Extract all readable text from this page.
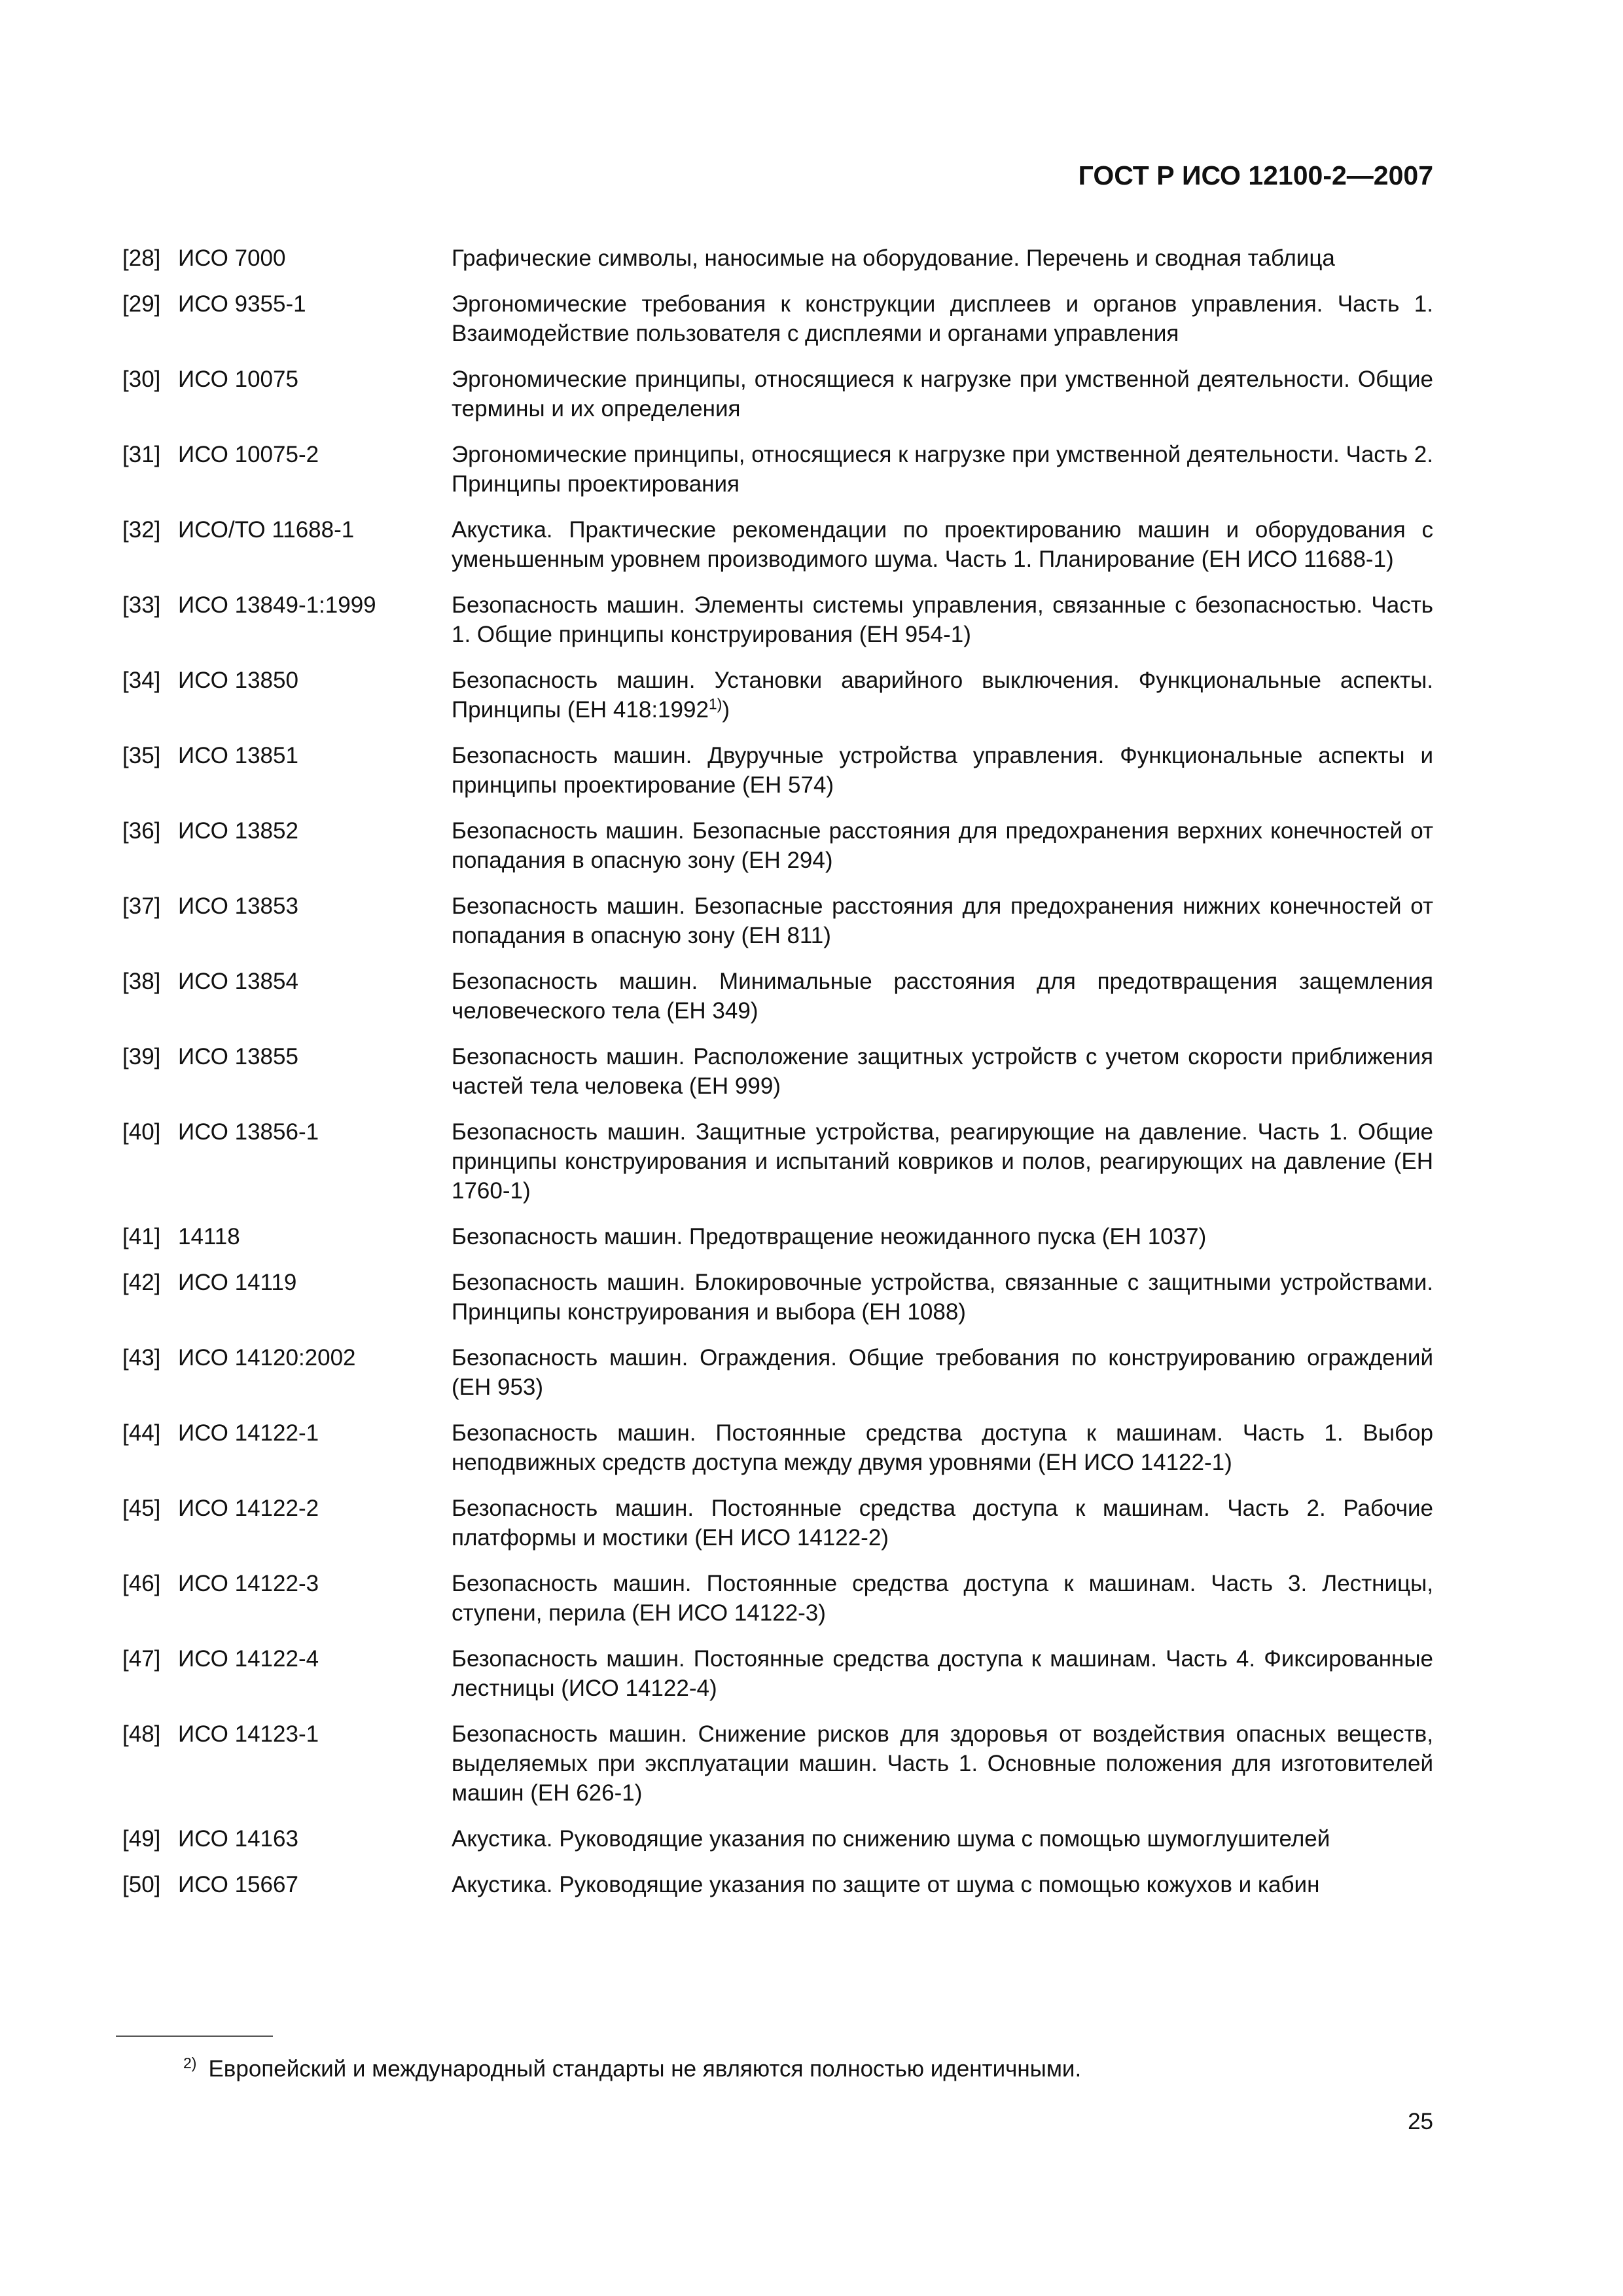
ГОСТ Р ИСО 12100-2—2007
[28] ИСО 7000	Графические символы, наносимые на оборудование. Перечень и сводная таблица
[29] ИСО 9355-1	Эргономические требования к конструкции дисплеев и органов управления. Часть 1. Взаимодействие пользователя с дисплеями и органами управления
[30] ИСО 10075	Эргономические принципы, относящиеся к нагрузке при умственной деятельности. Общие термины и их определения
[31] ИСО 10075-2	Эргономические принципы, относящиеся к нагрузке при умственной деятельности. Часть 2. Принципы проектирования
[32] ИСО/ТО 11688-1	Акустика. Практические рекомендации по проектированию машин и оборудования с уменьшенным уровнем производимого шума. Часть 1. Планирование (ЕН ИСО 11688-1)
[33] ИСО 13849-1:1999	Безопасность машин. Элементы системы управления, связанные с безопасностью. Часть 1. Общие принципы конструирования (ЕН 954-1)
[34] ИСО 13850	Безопасность машин. Установки аварийного выключения. Функциональные аспекты. Принципы (ЕН 418:1992$^{1)}$)
[35] ИСО 13851	Безопасность машин. Двуручные устройства управления. Функциональные аспекты и принципы проектирование (ЕН 574)
[36] ИСО 13852	Безопасность машин. Безопасные расстояния для предохранения верхних конечностей от попадания в опасную зону (ЕН 294)
[37] ИСО 13853	Безопасность машин. Безопасные расстояния для предохранения нижних конечностей от попадания в опасную зону (ЕН 811)
[38] ИСО 13854	Безопасность машин. Минимальные расстояния для предотвращения защемления человеческого тела (ЕН 349)
[39] ИСО 13855	Безопасность машин. Расположение защитных устройств с учетом скорости приближения частей тела человека (ЕН 999)
[40] ИСО 13856-1	Безопасность машин. Защитные устройства, реагирующие на давление. Часть 1. Общие принципы конструирования и испытаний ковриков и полов, реагирующих на давление (ЕН 1760-1)
[41] 14118	Безопасность машин. Предотвращение неожиданного пуска (ЕН 1037)
[42] ИСО 14119	Безопасность машин. Блокировочные устройства, связанные с защитными устройствами. Принципы конструирования и выбора (ЕН 1088)
[43] ИСО 14120:2002	Безопасность машин. Ограждения. Общие требования по конструированию ограждений (ЕН 953)
[44] ИСО 14122-1	Безопасность машин. Постоянные средства доступа к машинам. Часть 1. Выбор неподвижных средств доступа между двумя уровнями (ЕН ИСО 14122-1)
[45] ИСО 14122-2	Безопасность машин. Постоянные средства доступа к машинам. Часть 2. Рабочие платформы и мостики (ЕН ИСО 14122-2)
[46] ИСО 14122-3	Безопасность машин. Постоянные средства доступа к машинам. Часть 3. Лестницы, ступени, перила (ЕН ИСО 14122-3)
[47] ИСО 14122-4	Безопасность машин. Постоянные средства доступа к машинам. Часть 4. Фиксированные лестницы (ИСО 14122-4)
[48] ИСО 14123-1	Безопасность машин. Снижение рисков для здоровья от воздействия опасных веществ, выделяемых при эксплуатации машин. Часть 1. Основные положения для изготовителей машин (ЕН 626-1)
[49] ИСО 14163	Акустика. Руководящие указания по снижению шума с помощью шумоглушителей
[50] ИСО 15667	Акустика. Руководящие указания по защите от шума с помощью кожухов и кабин
$^{2)}$ Европейский и международный стандарты не являются полностью идентичными.
25
